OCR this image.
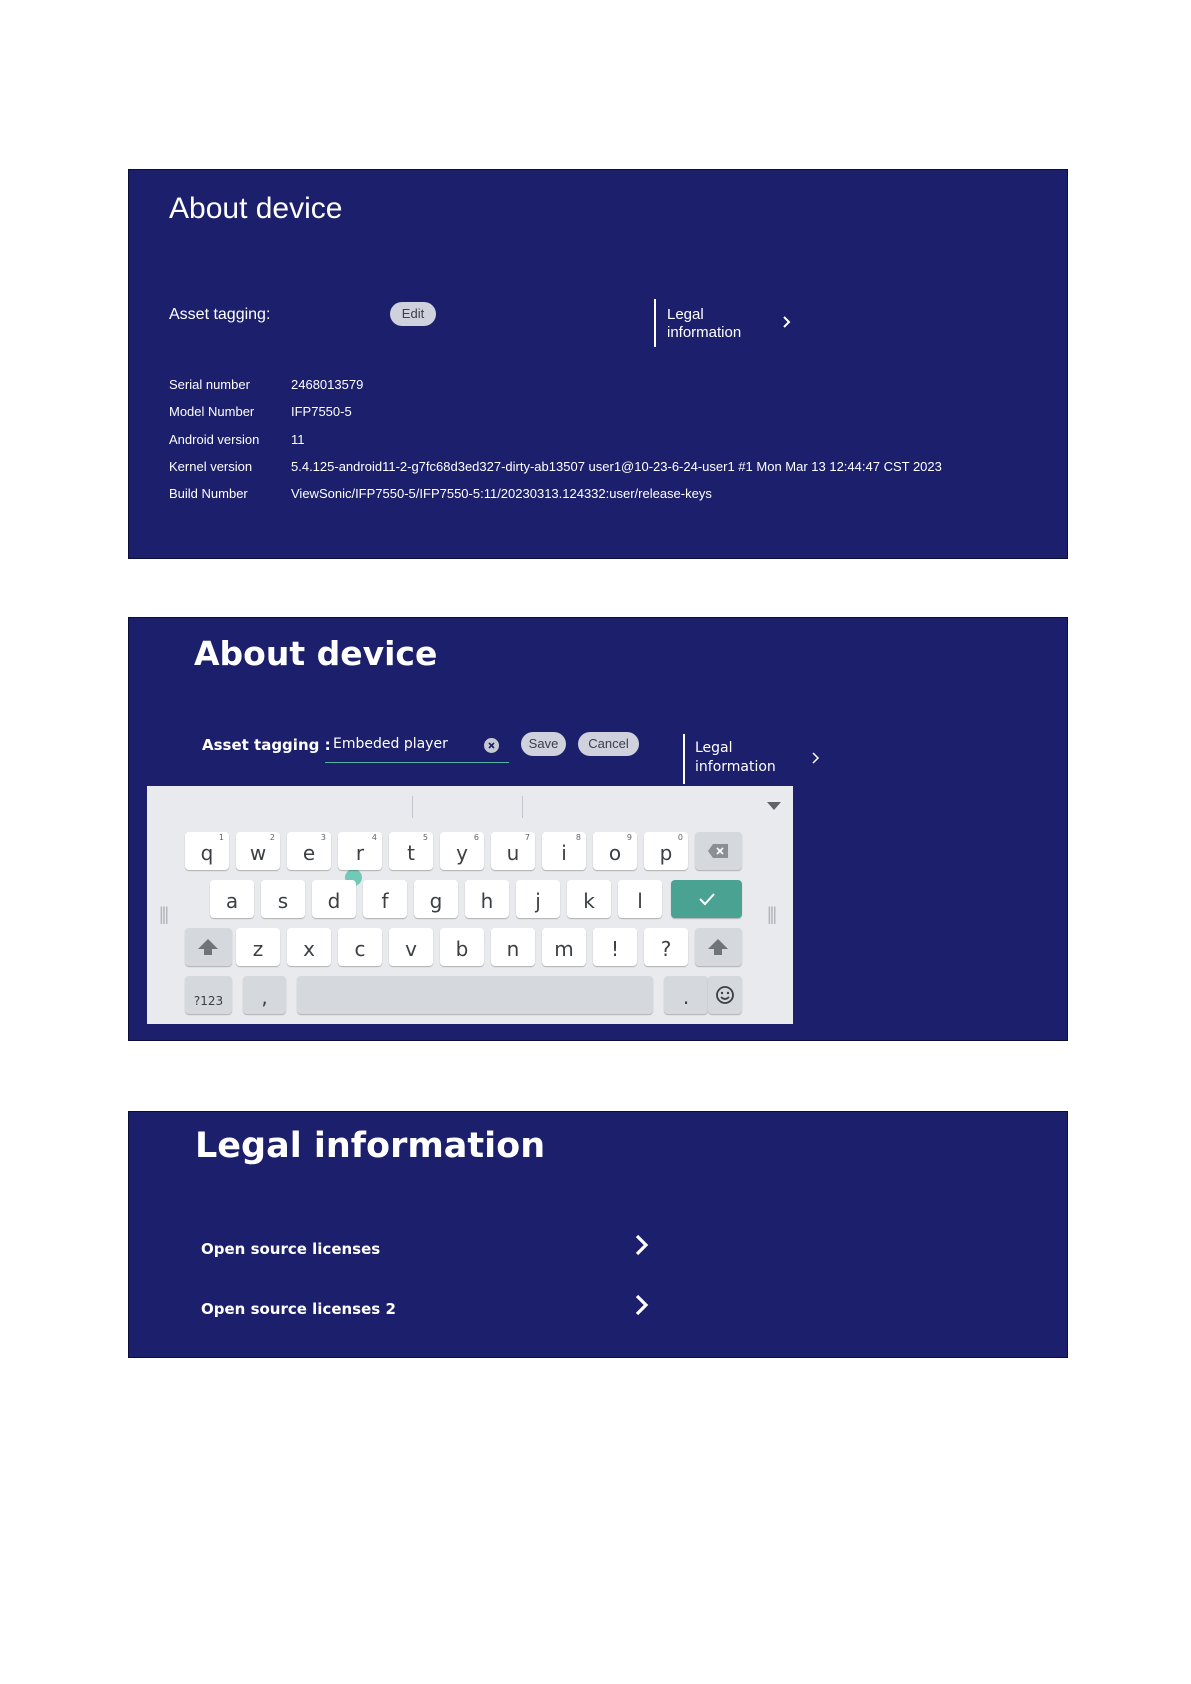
About device
Asset tagging:	Edit	Legal
information
Serial number	2468013579
Model Number	IFP7550-5
Android version	11
Kernel version	5.4.125-android11-2-g7fc68d3ed327-dirty-ab13507 user1@10-23-6-24-user1 #1 Mon Mar 13 12:44:47 CST 2023
Build Number	ViewSonic/IFP7550-5/IFP7550-5:11/20230313.124332:user/release-keys
About device
Asset tagging :
Embeded player	Save	Cancel	Legal
information
|||	|||
?123	,	.
q
1
w
2
e
3
r
4
t
5
y
6
u
7
i
8
o
9
p
0
a	s	d	f	g	h	j	k	l
z	x	c	v	b	n	m	!	?
Legal information
Open source licenses
Open source licenses 2
